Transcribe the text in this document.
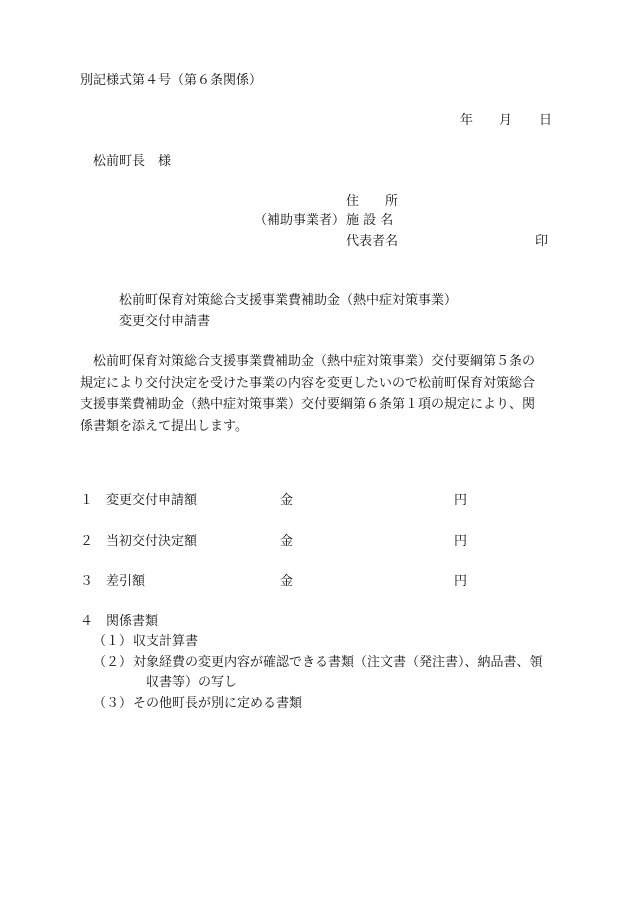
別記様式第４号（第６条関係）
年 月 日
松前町長　様
住　　所
（補助事業者） 施 設 名
代表者名	印
松前町保育対策総合支援事業費補助金（熱中症対策事業）
変更交付申請書
　松前町保育対策総合支援事業費補助金（熱中症対策事業）交付要綱第５条の
規定により交付決定を受けた事業の内容を変更したいので松前町保育対策総合
支援事業費補助金（熱中症対策事業）交付要綱第６条第１項の規定により、関
係書類を添えて提出します。
１ 変更交付申請額	金	円
２ 当初交付決定額	金	円
３ 差引額	金	円
４ 関係書類
（１） 収支計算書
（２） 対象経費の変更内容が確認できる書類（注文書（発注書）、納品書、領
収書等）の写し
（３） その他町長が別に定める書類
